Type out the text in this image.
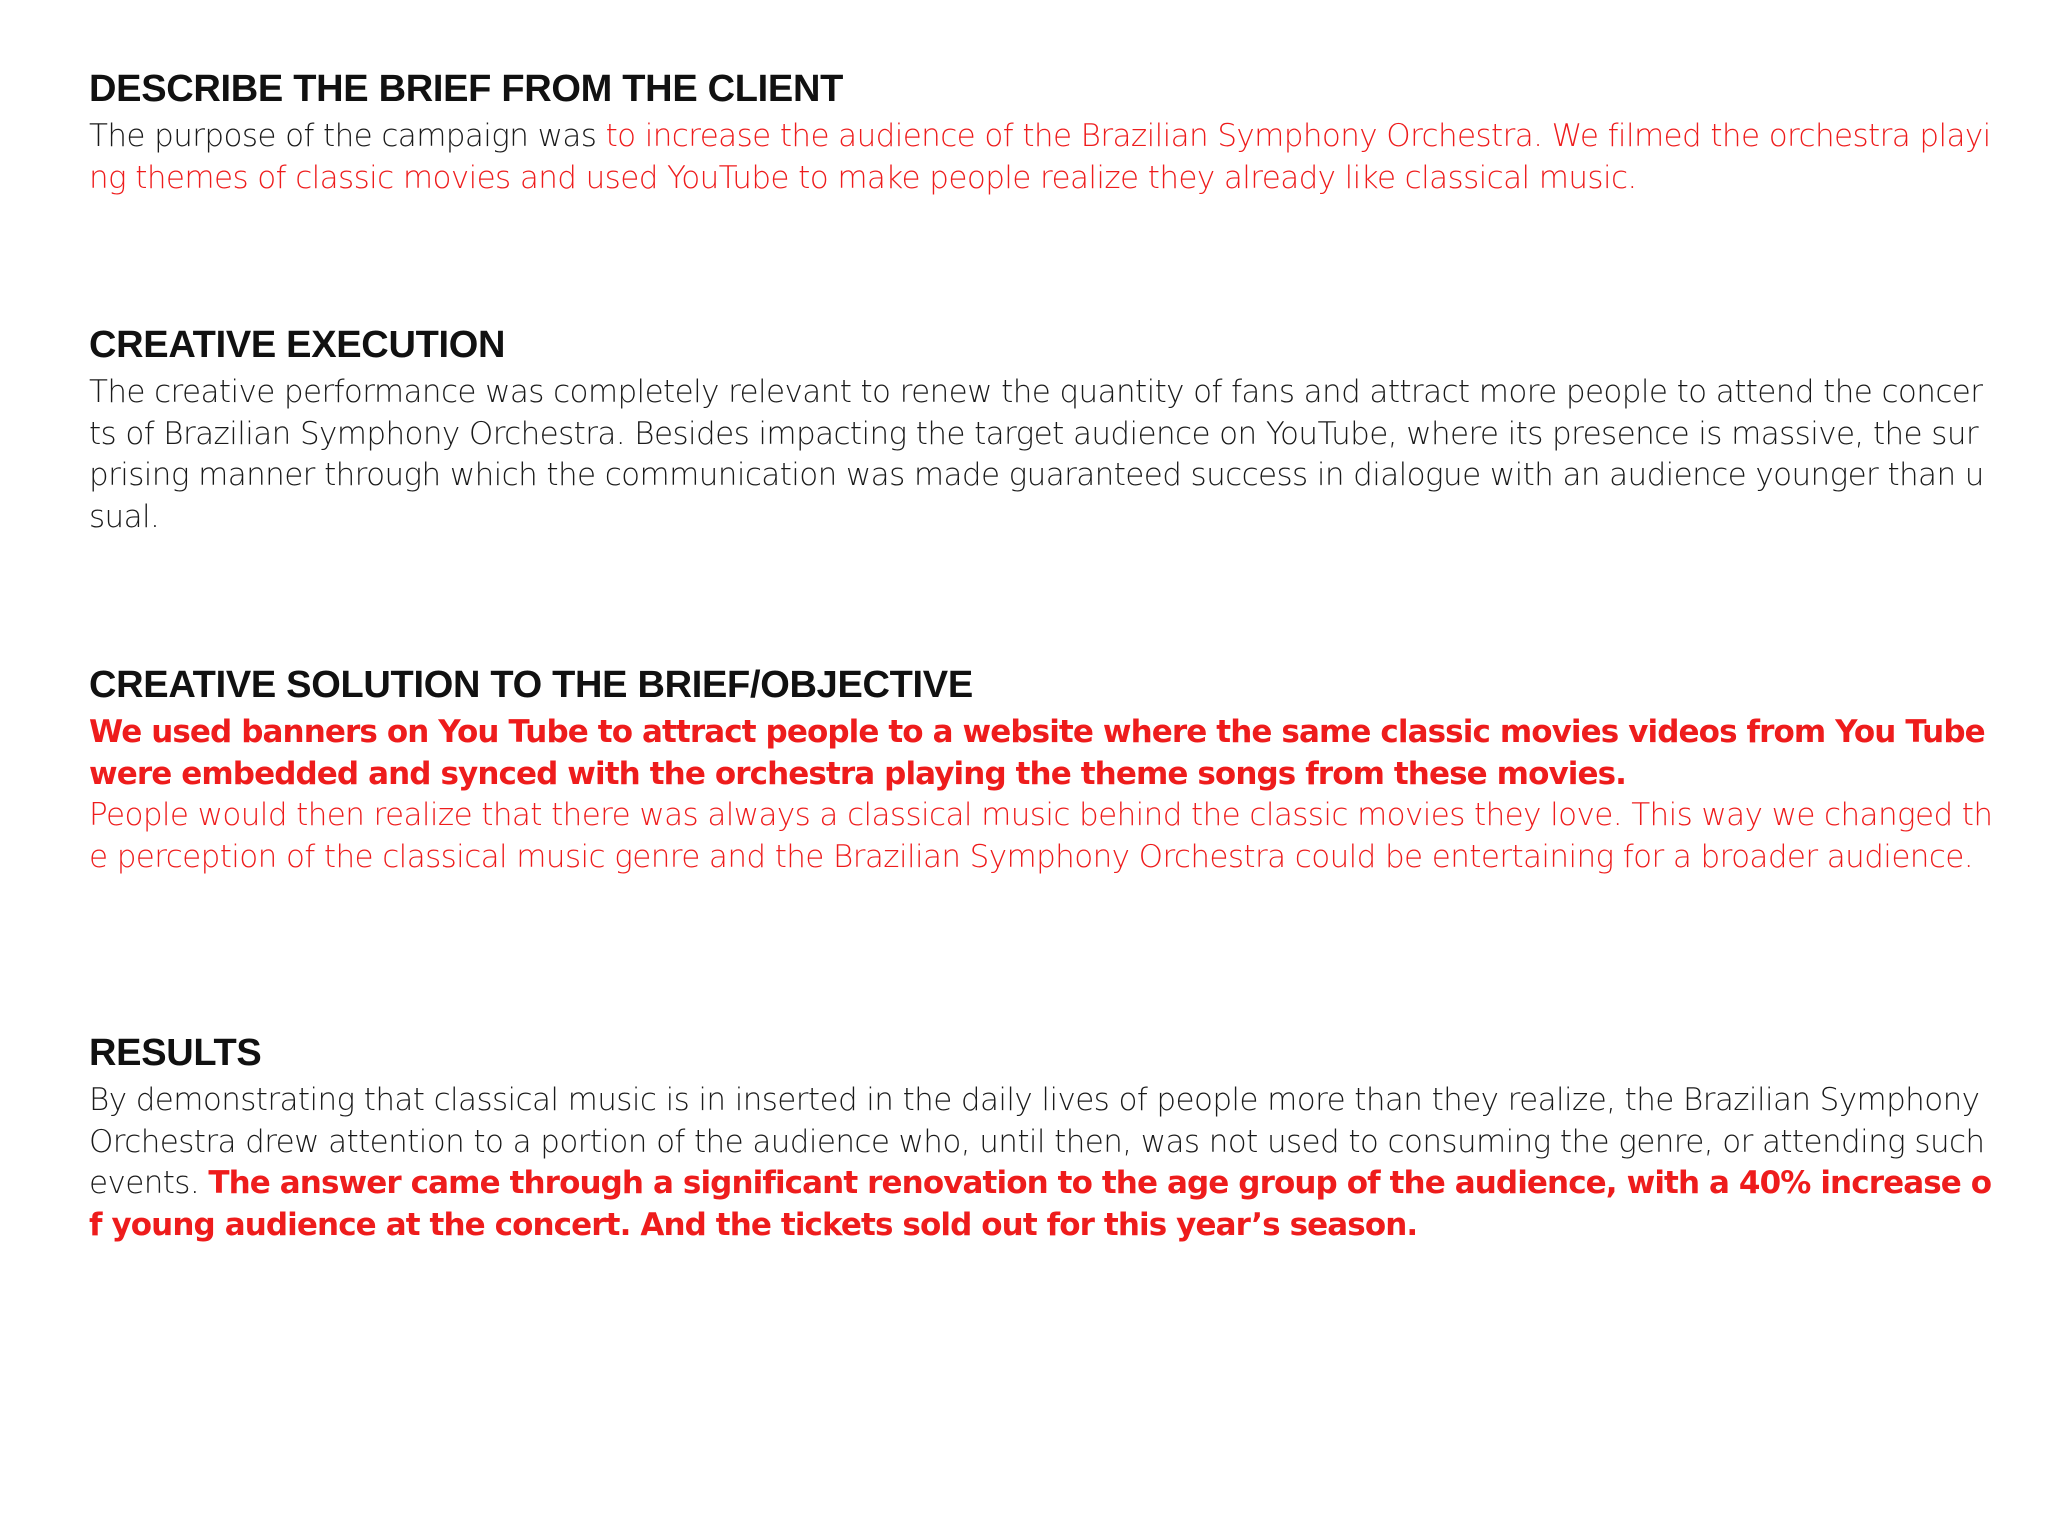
DESCRIBE THE BRIEF FROM THE CLIENT
The purpose of the campaign was to increase the audience of the Brazilian Symphony Orchestra. We filmed the orchestra playing themes of classic movies and used YouTube to make people realize they already like classical music.
CREATIVE EXECUTION
The creative performance was completely relevant to renew the quantity of fans and attract more people to attend the concerts of Brazilian Symphony Orchestra. Besides impacting the target audience on YouTube, where its presence is massive, the surprising manner through which the communication was made guaranteed success in dialogue with an audience younger than usual.
CREATIVE SOLUTION TO THE BRIEF/OBJECTIVE

We used banners on You Tube to attract people to a website where the same classic movies videos from You Tube were embedded and synced with the orchestra playing the theme songs from these movies.

People would then realize that there was always a classical music behind the classic movies they love. This way we changed the perception of the classical music genre and the Brazilian Symphony Orchestra could be entertaining for a broader audience.

RESULTS
By demonstrating that classical music is in inserted in the daily lives of people more than they realize, the Brazilian Symphony Orchestra drew attention to a portion of the audience who, until then, was not used to consuming the genre, or attending such events. The answer came through a significant renovation to the age group of the audience, with a 40% increase of young audience at the concert. And the tickets sold out for this year’s season.
